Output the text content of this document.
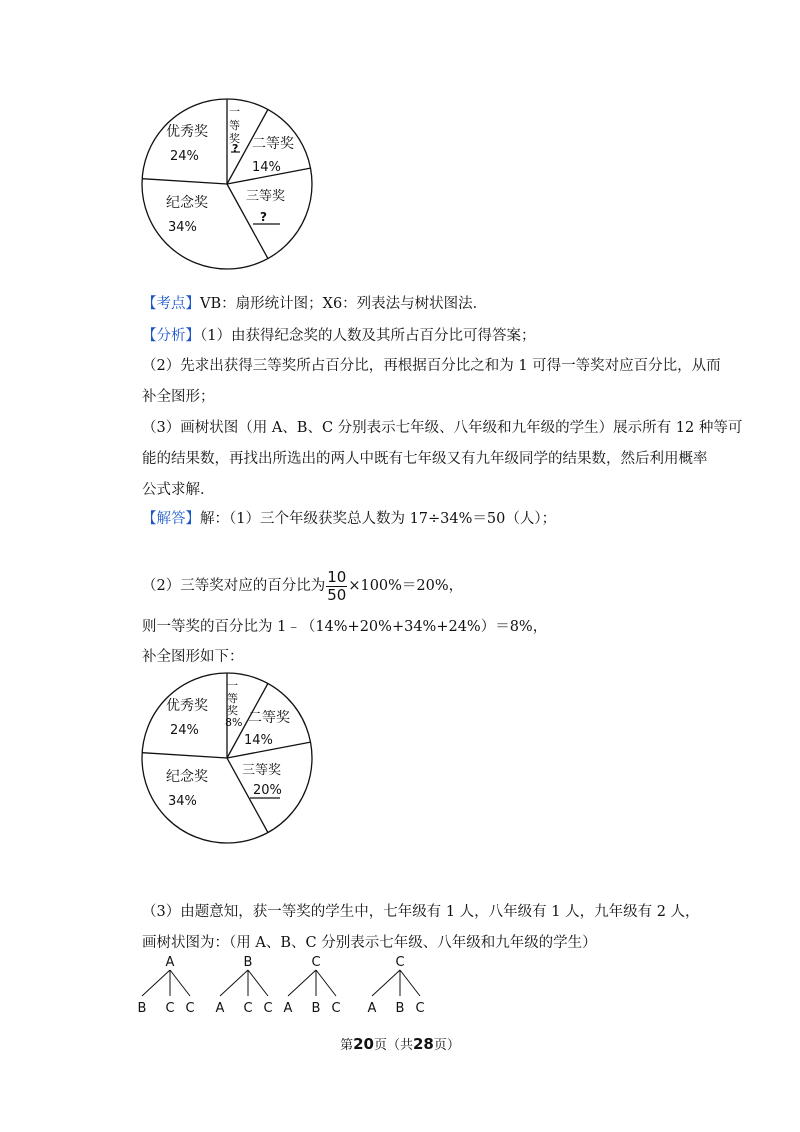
优秀奖
24%
纪念奖
34%
一
等
奖
? 二等奖
14%
三等奖
?
【考点】VB：扇形统计图；X6：列表法与树状图法．
【分析】（1）由获得纪念奖的人数及其所占百分比可得答案；
（2）先求出获得三等奖所占百分比，再根据百分比之和为 1 可得一等奖对应百分比，从而
补全图形；
（3）画树状图（用 A、B、C 分别表示七年级、八年级和九年级的学生）展示所有 12 种等可
能的结果数，再找出所选出的两人中既有七年级又有九年级同学的结果数，然后利用概率
公式求解．
【解答】解：（1）三个年级获奖总人数为 17÷34%＝50（人）；
（2）三等奖对应的百分比为 $\frac{10}{50} \times 100\%=20\%$，
则一等奖的百分比为 1﹣（14%+20%+34%+24%）＝8%，
补全图形如下：
优秀奖
24%
纪念奖
34%
一
等
奖
8% 二等奖
14%
三等奖
20%
（3）由题意知，获一等奖的学生中，七年级有 1 人，八年级有 1 人，九年级有 2 人，
画树状图为：（用 A、B、C 分别表示七年级、八年级和九年级的学生）
A
B C C
B
A C C
C
A B C
C
A B C
第20页（共28页）
